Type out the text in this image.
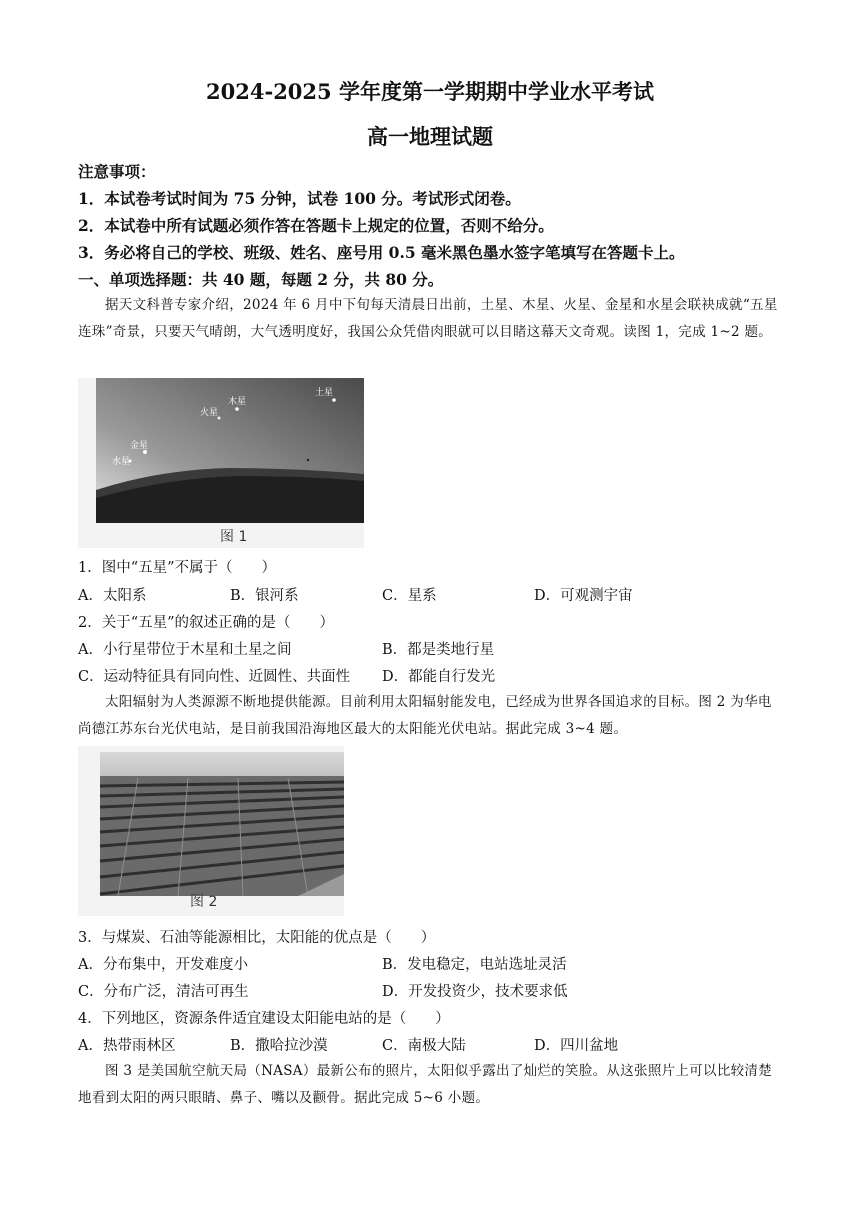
2024-2025 学年度第一学期期中学业水平考试
高一地理试题
注意事项：
1．本试卷考试时间为 75 分钟，试卷 100 分。考试形式闭卷。
2．本试卷中所有试题必须作答在答题卡上规定的位置，否则不给分。
3．务必将自己的学校、班级、姓名、座号用 0.5 毫米黑色墨水签字笔填写在答题卡上。
一、单项选择题：共 40 题，每题 2 分，共 80 分。
据天文科普专家介绍，2024 年 6 月中下旬每天清晨日出前，土星、木星、火星、金星和水星会联袂成就“五星连珠”奇景，只要天气晴朗，大气透明度好，我国公众凭借肉眼就可以目睹这幕天文奇观。读图 1，完成 1~2 题。
土星
木星
火星
金星
水星
图 1
1．图中“五星”不属于（　　）
A．太阳系	B．银河系	C．星系	D．可观测宇宙
2．关于“五星”的叙述正确的是（　　）
A．小行星带位于木星和土星之间	B．都是类地行星
C．运动特征具有同向性、近圆性、共面性 D．都能自行发光
太阳辐射为人类源源不断地提供能源。目前利用太阳辐射能发电，已经成为世界各国追求的目标。图 2 为华电尚德江苏东台光伏电站，是目前我国沿海地区最大的太阳能光伏电站。据此完成 3~4 题。
图 2
3．与煤炭、石油等能源相比，太阳能的优点是（　　）
A．分布集中，开发难度小	B．发电稳定，电站选址灵活
C．分布广泛，清洁可再生	D．开发投资少，技术要求低
4．下列地区，资源条件适宜建设太阳能电站的是（　　）
A．热带雨林区	B．撒哈拉沙漠	C．南极大陆	D．四川盆地
图 3 是美国航空航天局（NASA）最新公布的照片，太阳似乎露出了灿烂的笑脸。从这张照片上可以比较清楚地看到太阳的两只眼睛、鼻子、嘴以及颧骨。据此完成 5~6 小题。
